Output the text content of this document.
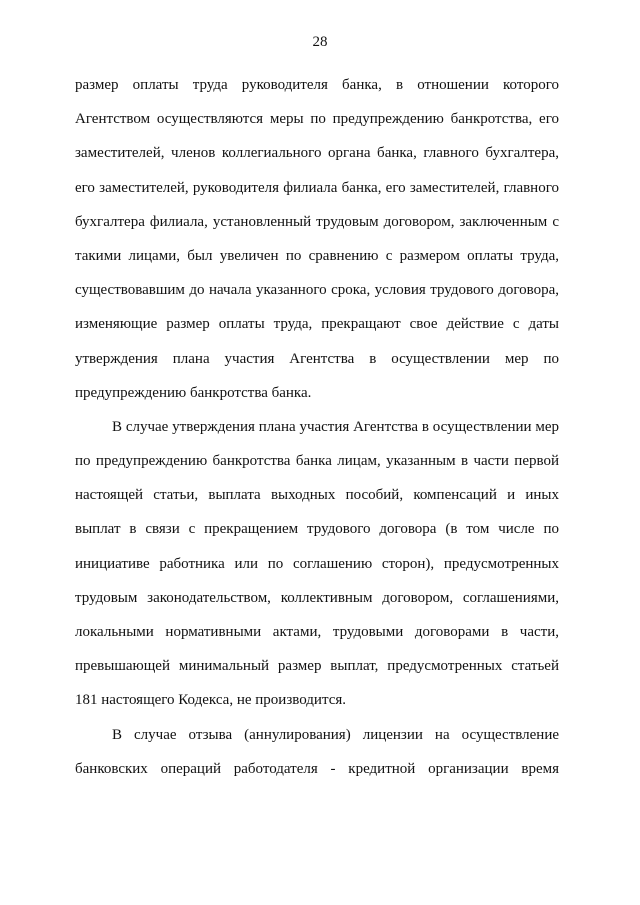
28
размер оплаты труда руководителя банка, в отношении которого
Агентством осуществляются меры по предупреждению банкротства, его
заместителей, членов коллегиального органа банка, главного бухгалтера,
его заместителей, руководителя филиала банка, его заместителей, главного
бухгалтера филиала, установленный трудовым договором, заключенным с
такими лицами, был увеличен по сравнению с размером оплаты труда,
существовавшим до начала указанного срока, условия трудового договора,
изменяющие размер оплаты труда, прекращают свое действие с даты
утверждения плана участия Агентства в осуществлении мер по
предупреждению банкротства банка.
В случае утверждения плана участия Агентства в осуществлении мер
по предупреждению банкротства банка лицам, указанным в части первой
настоящей статьи, выплата выходных пособий, компенсаций и иных
выплат в связи с прекращением трудового договора (в том числе по
инициативе работника или по соглашению сторон), предусмотренных
трудовым законодательством, коллективным договором, соглашениями,
локальными нормативными актами, трудовыми договорами в части,
превышающей минимальный размер выплат, предусмотренных статьей
181 настоящего Кодекса, не производится.
В случае отзыва (аннулирования) лицензии на осуществление
банковских операций работодателя - кредитной организации время
